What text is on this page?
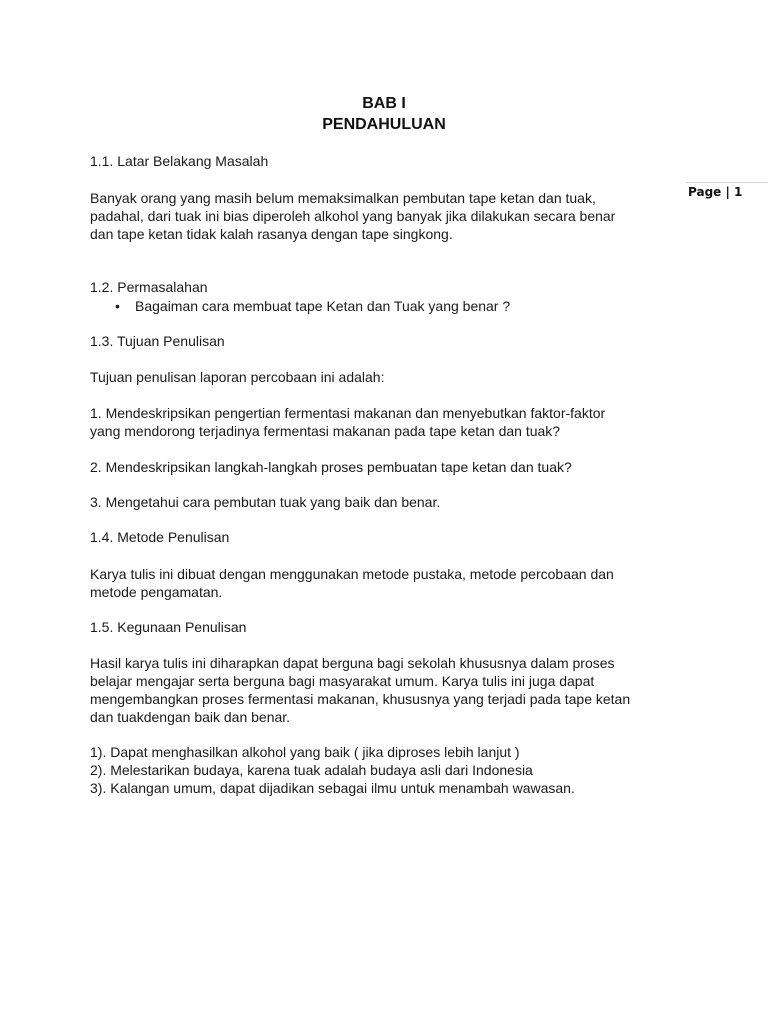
Page | 1
BAB I
PENDAHULUAN
1.1. Latar Belakang Masalah
Banyak orang yang masih belum memaksimalkan pembutan tape ketan dan tuak,
padahal, dari tuak ini bias diperoleh alkohol yang banyak jika dilakukan secara benar
dan tape ketan tidak kalah rasanya dengan tape singkong.
1.2. Permasalahan
• Bagaiman cara membuat tape Ketan dan Tuak yang benar ?
1.3. Tujuan Penulisan
Tujuan penulisan laporan percobaan ini adalah:
1. Mendeskripsikan pengertian fermentasi makanan dan menyebutkan faktor-faktor
yang mendorong terjadinya fermentasi makanan pada tape ketan dan tuak?
2. Mendeskripsikan langkah-langkah proses pembuatan tape ketan dan tuak?
3. Mengetahui cara pembutan tuak yang baik dan benar.
1.4. Metode Penulisan
Karya tulis ini dibuat dengan menggunakan metode pustaka, metode percobaan dan
metode pengamatan.
1.5. Kegunaan Penulisan
Hasil karya tulis ini diharapkan dapat berguna bagi sekolah khususnya dalam proses
belajar mengajar serta berguna bagi masyarakat umum. Karya tulis ini juga dapat
mengembangkan proses fermentasi makanan, khususnya yang terjadi pada tape ketan
dan tuakdengan baik dan benar.
1). Dapat menghasilkan alkohol yang baik ( jika diproses lebih lanjut )
2). Melestarikan budaya, karena tuak adalah budaya asli dari Indonesia
3). Kalangan umum, dapat dijadikan sebagai ilmu untuk menambah wawasan.
